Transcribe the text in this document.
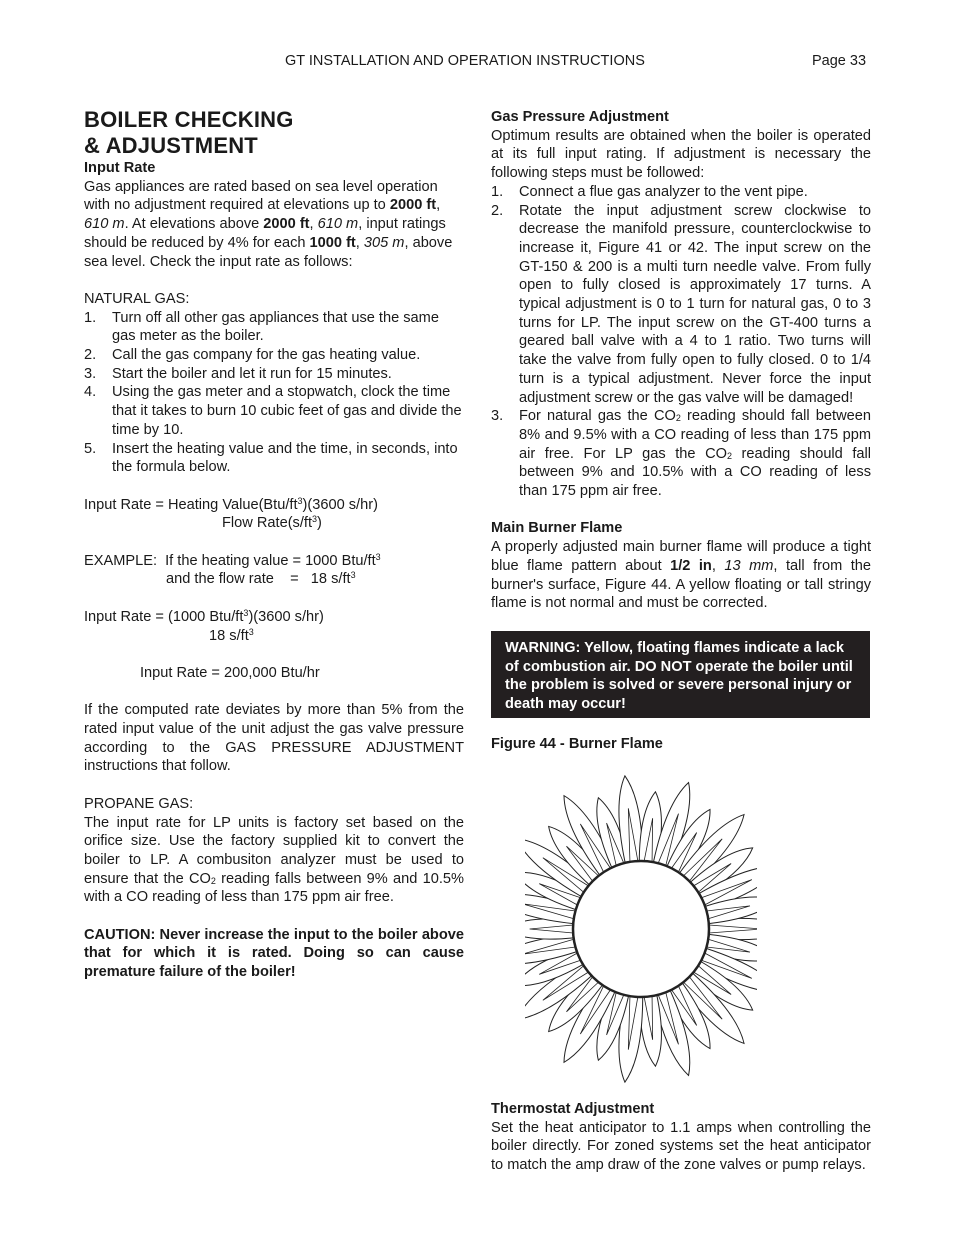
GT INSTALLATION AND OPERATION INSTRUCTIONS	Page 33
BOILER CHECKING
& ADJUSTMENT

Input Rate

Gas appliances are rated based on sea level operation with no adjustment required at elevations up to 2000 ft, 610 m. At elevations above 2000 ft, 610 m, input ratings should be reduced by 4% for each 1000 ft, 305 m, above sea level. Check the input rate as follows:

NATURAL GAS:

1. Turn off all other gas appliances that use the same gas meter as the boiler.
2. Call the gas company for the gas heating value.
3. Start the boiler and let it run for 15 minutes.
4. Using the gas meter and a stopwatch, clock the time that it takes to burn 10 cubic feet of gas and divide the time by 10.
5. Insert the heating value and the time, in seconds, into the formula below.

Input Rate = Heating $Value(Btu/ft^3)(3600$ s/hr)

Flow $Rate(s/ft^3)$

EXAMPLE:  If the heating value = 1000 Btu/$ft^3$

and the flow rate    =   18 $s/ft^3$

Input Rate = (1000 Btu/$ft^3)(3600$ s/hr)

18 $s/ft^3$

Input Rate = 200,000 Btu/hr

If the computed rate deviates by more than 5% from the rated input value of the unit adjust the gas valve pressure according to the GAS PRESSURE ADJUSTMENT instructions that follow.

PROPANE GAS:

The input rate for LP units is factory set based on the orifice size. Use the factory supplied kit to convert the boiler to LP. A combusiton analyzer must be used to ensure that the $CO_2$ reading falls between 9% and 10.5% with a CO reading of less than 175 ppm air free.

CAUTION: Never increase the input to the boiler above that for which it is rated. Doing so can cause premature failure of the boiler!

Gas Pressure Adjustment

Optimum results are obtained when the boiler is operated at its full input rating. If adjustment is necessary the following steps must be followed:

1. Connect a flue gas analyzer to the vent pipe.
2. Rotate the input adjustment screw clockwise to decrease the manifold pressure, counterclockwise to increase it, Figure 41 or 42. The input screw on the GT-150 & 200 is a multi turn needle valve. From fully open to fully closed is approximately 17 turns. A typical adjustment is 0 to 1 turn for natural gas, 0 to 3 turns for LP. The input screw on the GT-400 turns a geared ball valve with a 4 to 1 ratio. Two turns will take the valve from fully open to fully closed. 0 to 1/4 turn is a typical adjustment. Never force the input adjustment screw or the gas valve will be damaged!
3. For natural gas the $CO_2$ reading should fall between 8% and 9.5% with a CO reading of less than 175 ppm air free. For LP gas the $CO_2$ reading should fall between 9% and 10.5% with a CO reading of less than 175 ppm air free.

Main Burner Flame

A properly adjusted main burner flame will produce a tight blue flame pattern about 1/2 in, 13 mm, tall from the burner's surface, Figure 44. A yellow floating or tall stringy flame is not normal and must be corrected.

WARNING: Yellow, floating flames indicate a lack of combustion air. DO NOT operate the boiler until the problem is solved or severe personal injury or death may occur!

Figure 44 - Burner Flame

Thermostat Adjustment

Set the heat anticipator to 1.1 amps when controlling the boiler directly. For zoned systems set the heat anticipator to match the amp draw of the zone valves or pump relays.
